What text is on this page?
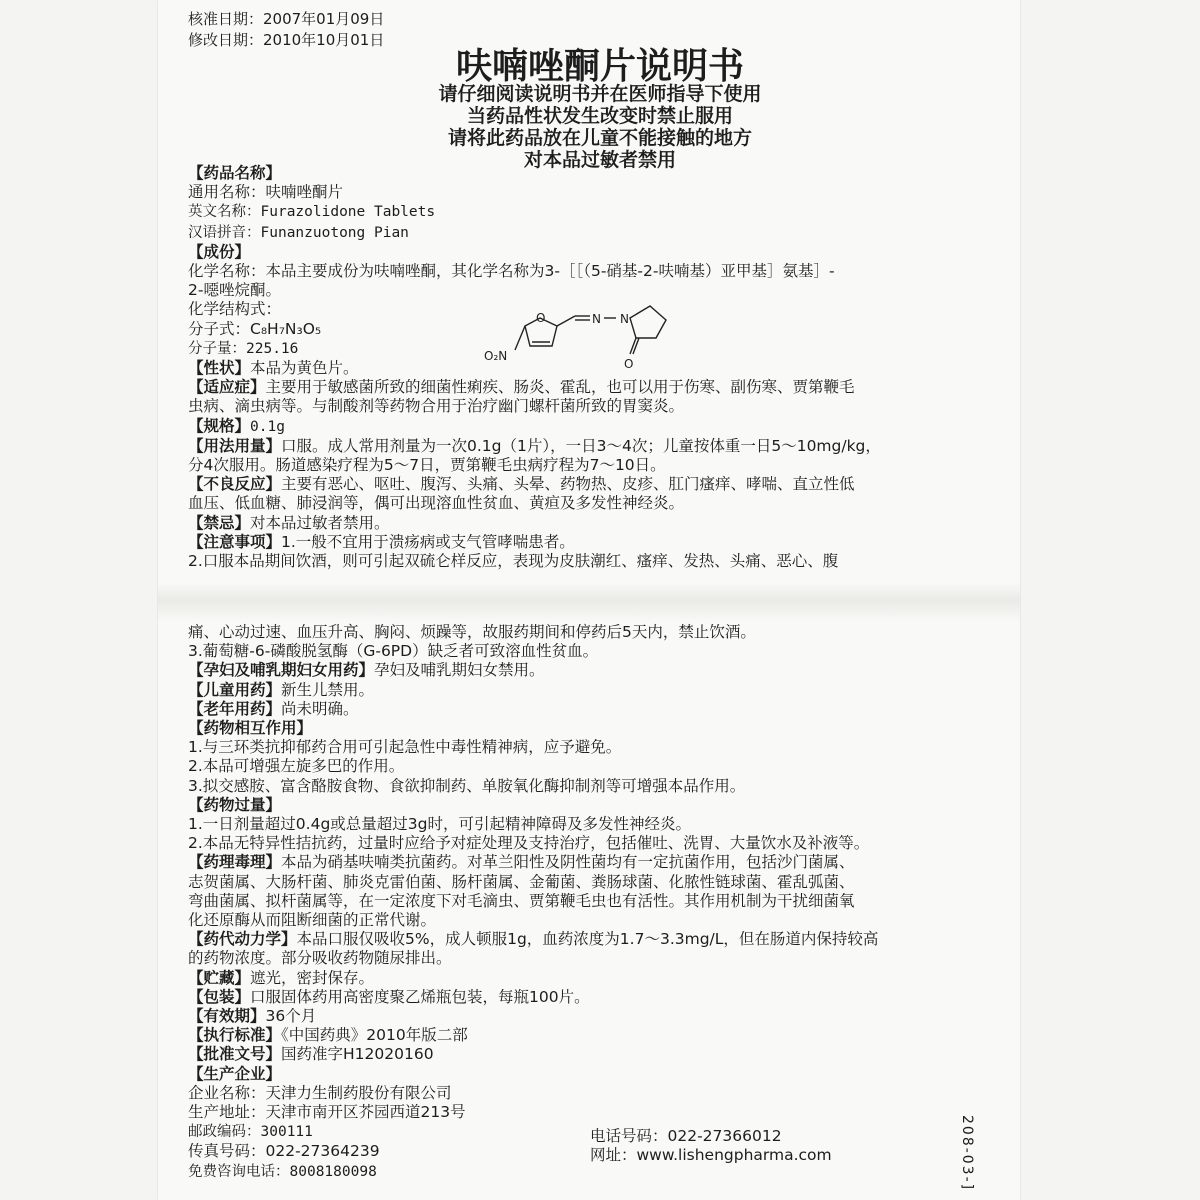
核准日期：2007年01月09日
修改日期：2010年10月01日
呋喃唑酮片说明书
请仔细阅读说明书并在医师指导下使用
当药品性状发生改变时禁止服用
请将此药品放在儿童不能接触的地方
对本品过敏者禁用
【药品名称】
通用名称：呋喃唑酮片
英文名称：Furazolidone Tablets
汉语拼音：Funanzuotong Pian
【成份】
化学名称：本品主要成份为呋喃唑酮，其化学名称为3-［［（5-硝基-2-呋喃基）亚甲基］氨基］-
2-噁唑烷酮。
化学结构式：
分子式：C₈H₇N₃O₅
分子量：225.16
【性状】本品为黄色片。
【适应症】主要用于敏感菌所致的细菌性痢疾、肠炎、霍乱，也可以用于伤寒、副伤寒、贾第鞭毛
虫病、滴虫病等。与制酸剂等药物合用于治疗幽门螺杆菌所致的胃窦炎。
【规格】0.1g
【用法用量】口服。成人常用剂量为一次0.1g（1片），一日3～4次；儿童按体重一日5～10mg/kg，
分4次服用。肠道感染疗程为5～7日，贾第鞭毛虫病疗程为7～10日。
【不良反应】主要有恶心、呕吐、腹泻、头痛、头晕、药物热、皮疹、肛门瘙痒、哮喘、直立性低
血压、低血糖、肺浸润等，偶可出现溶血性贫血、黄疸及多发性神经炎。
【禁忌】对本品过敏者禁用。
【注意事项】1.一般不宜用于溃疡病或支气管哮喘患者。
2.口服本品期间饮酒，则可引起双硫仑样反应，表现为皮肤潮红、瘙痒、发热、头痛、恶心、腹
痛、心动过速、血压升高、胸闷、烦躁等，故服药期间和停药后5天内，禁止饮酒。
3.葡萄糖-6-磷酸脱氢酶（G-6PD）缺乏者可致溶血性贫血。
【孕妇及哺乳期妇女用药】孕妇及哺乳期妇女禁用。
【儿童用药】新生儿禁用。
【老年用药】尚未明确。
【药物相互作用】
1.与三环类抗抑郁药合用可引起急性中毒性精神病，应予避免。
2.本品可增强左旋多巴的作用。
3.拟交感胺、富含酪胺食物、食欲抑制药、单胺氧化酶抑制剂等可增强本品作用。
【药物过量】
1.一日剂量超过0.4g或总量超过3g时，可引起精神障碍及多发性神经炎。
2.本品无特异性拮抗药，过量时应给予对症处理及支持治疗，包括催吐、洗胃、大量饮水及补液等。
【药理毒理】本品为硝基呋喃类抗菌药。对革兰阳性及阴性菌均有一定抗菌作用，包括沙门菌属、
志贺菌属、大肠杆菌、肺炎克雷伯菌、肠杆菌属、金葡菌、粪肠球菌、化脓性链球菌、霍乱弧菌、
弯曲菌属、拟杆菌属等，在一定浓度下对毛滴虫、贾第鞭毛虫也有活性。其作用机制为干扰细菌氧
化还原酶从而阻断细菌的正常代谢。
【药代动力学】本品口服仅吸收5%，成人顿服1g，血药浓度为1.7～3.3mg/L，但在肠道内保持较高
的药物浓度。部分吸收药物随尿排出。
【贮藏】遮光，密封保存。
【包装】口服固体药用高密度聚乙烯瓶包装，每瓶100片。
【有效期】36个月
【执行标准】《中国药典》2010年版二部
【批准文号】国药准字H12020160
【生产企业】
企业名称：天津力生制药股份有限公司
生产地址：天津市南开区芥园西道213号
邮政编码：300111
传真号码：022-27364239
免费咨询电话：8008180098
电话号码：022-27366012
网址：www.lishengpharma.com	208-03-]
O	N N
O
O₂N
